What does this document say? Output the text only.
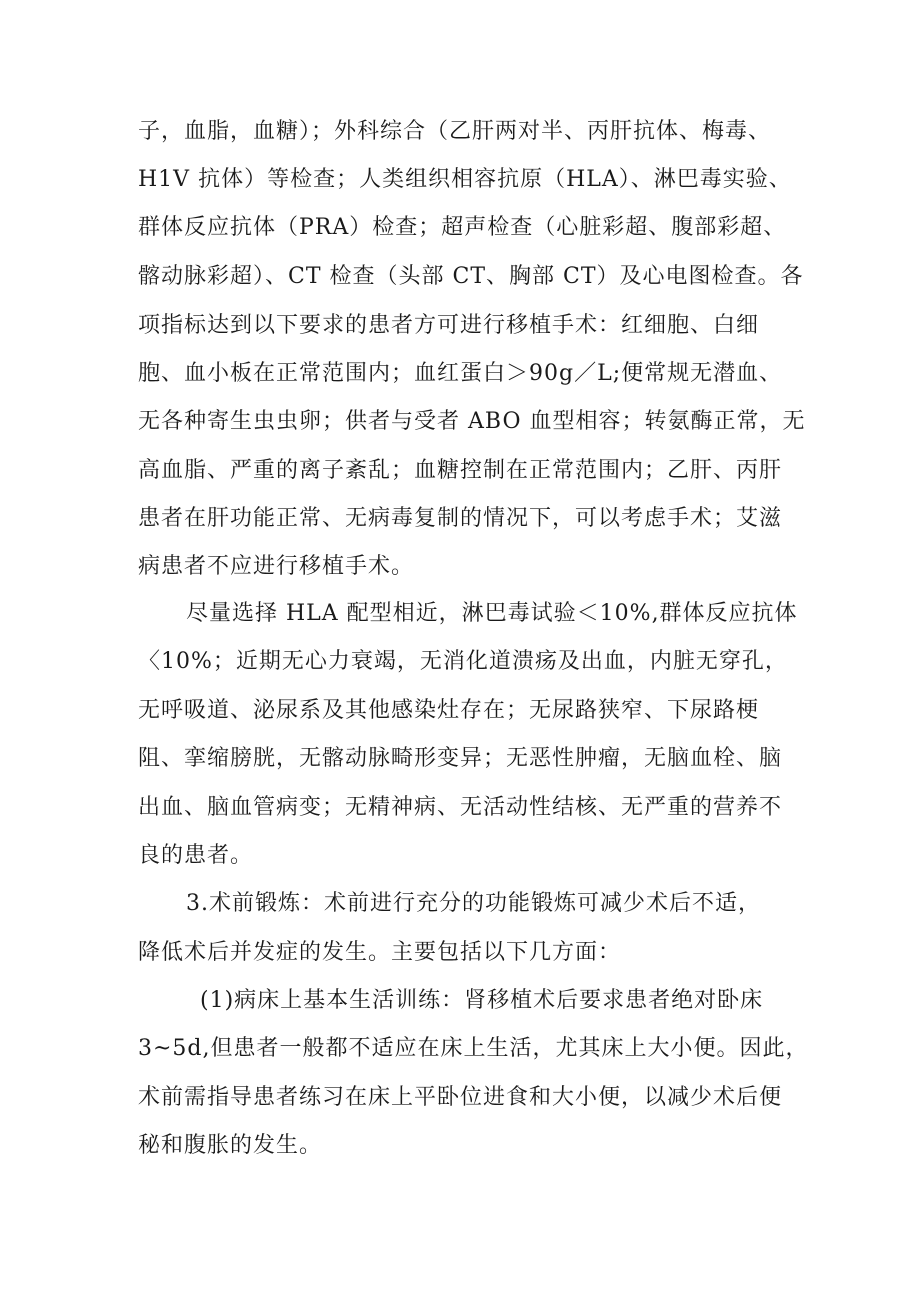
子，血脂，血糖）；外科综合（乙肝两对半、丙肝抗体、梅毒、
H1V 抗体）等检查；人类组织相容抗原（HLA）、淋巴毒实验、
群体反应抗体（PRA）检查；超声检查（心脏彩超、腹部彩超、
髂动脉彩超）、CT 检查（头部 CT、胸部 CT）及心电图检查。各
项指标达到以下要求的患者方可进行移植手术：红细胞、白细
胞、血小板在正常范围内；血红蛋白＞90g／L;便常规无潜血、
无各种寄生虫虫卵；供者与受者 ABO 血型相容；转氨酶正常，无
高血脂、严重的离子紊乱；血糖控制在正常范围内；乙肝、丙肝
患者在肝功能正常、无病毒复制的情况下，可以考虑手术；艾滋
病患者不应进行移植手术。
尽量选择 HLA 配型相近，淋巴毒试验＜10%,群体反应抗体
〈10%；近期无心力衰竭，无消化道溃疡及出血，内脏无穿孔，
无呼吸道、泌尿系及其他感染灶存在；无尿路狭窄、下尿路梗
阻、挛缩膀胱，无髂动脉畸形变异；无恶性肿瘤，无脑血栓、脑
出血、脑血管病变；无精神病、无活动性结核、无严重的营养不
良的患者。
3.术前锻炼：术前进行充分的功能锻炼可减少术后不适，
降低术后并发症的发生。主要包括以下几方面：
(1)病床上基本生活训练：肾移植术后要求患者绝对卧床
3~5d,但患者一般都不适应在床上生活，尤其床上大小便。因此，
术前需指导患者练习在床上平卧位进食和大小便，以减少术后便
秘和腹胀的发生。
